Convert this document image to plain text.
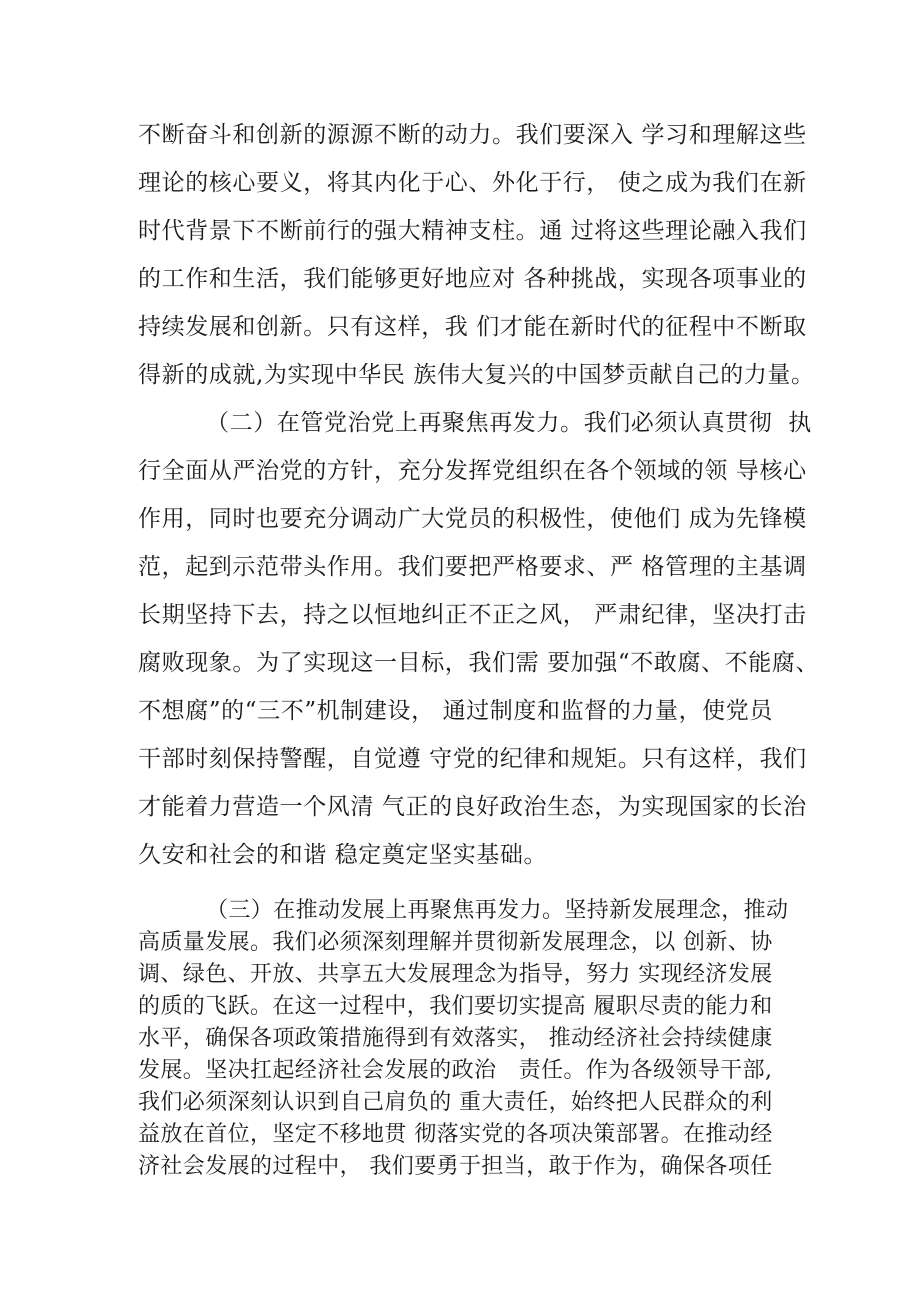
不断奋斗和创新的源源不断的动力。我们要深入 学习和理解这些
理论的核心要义，将其内化于心、外化于行， 使之成为我们在新
时代背景下不断前行的强大精神支柱。通 过将这些理论融入我们
的工作和生活，我们能够更好地应对 各种挑战，实现各项事业的
持续发展和创新。只有这样，我 们才能在新时代的征程中不断取
得新的成就,为实现中华民 族伟大复兴的中国梦贡献自己的力量。
（二）在管党治党上再聚焦再发力。我们必须认真贯彻  执
行全面从严治党的方针，充分发挥党组织在各个领域的领 导核心
作用，同时也要充分调动广大党员的积极性，使他们 成为先锋模
范，起到示范带头作用。我们要把严格要求、严 格管理的主基调
长期坚持下去，持之以恒地纠正不正之风， 严肃纪律，坚决打击
腐败现象。为了实现这一目标，我们需 要加强“不敢腐、不能腐、
不想腐”的“三不”机制建设， 通过制度和监督的力量，使党员
干部时刻保持警醒，自觉遵 守党的纪律和规矩。只有这样，我们
才能着力营造一个风清 气正的良好政治生态，为实现国家的长治
久安和社会的和谐 稳定奠定坚实基础。
（三）在推动发展上再聚焦再发力。坚持新发展理念，推动
高质量发展。我们必须深刻理解并贯彻新发展理念，以 创新、协
调、绿色、开放、共享五大发展理念为指导，努力 实现经济发展
的质的飞跃。在这一过程中，我们要切实提高 履职尽责的能力和
水平，确保各项政策措施得到有效落实， 推动经济社会持续健康
发展。坚决扛起经济社会发展的政治   责任。作为各级领导干部,
我们必须深刻认识到自己肩负的 重大责任，始终把人民群众的利
益放在首位，坚定不移地贯 彻落实党的各项决策部署。在推动经
济社会发展的过程中， 我们要勇于担当，敢于作为，确保各项任
